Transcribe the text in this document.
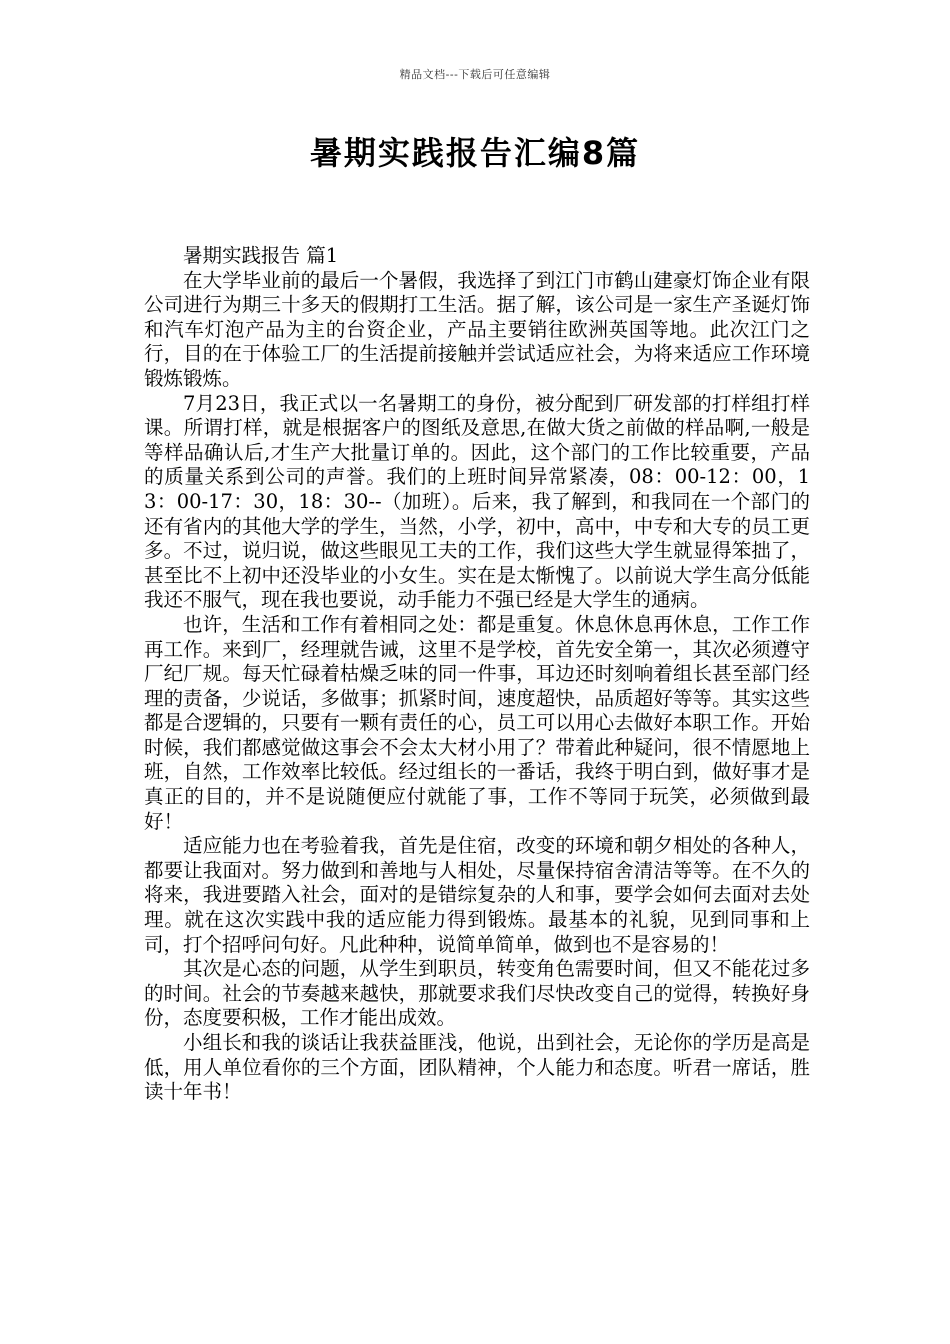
精品文档---下载后可任意编辑
暑期实践报告汇编8篇

暑期实践报告 篇1

在大学毕业前的最后一个暑假，我选择了到江门市鹤山建豪灯饰企业有限公司进行为期三十多天的假期打工生活。据了解，该公司是一家生产圣诞灯饰和汽车灯泡产品为主的台资企业，产品主要销往欧洲英国等地。此次江门之行，目的在于体验工厂的生活提前接触并尝试适应社会，为将来适应工作环境锻炼锻炼。

7月23日，我正式以一名暑期工的身份，被分配到厂研发部的打样组打样课。所谓打样，就是根据客户的图纸及意思,在做大货之前做的样品啊,一般是等样品确认后,才生产大批量订单的。因此，这个部门的工作比较重要，产品的质量关系到公司的声誉。我们的上班时间异常紧凑，08：00-12：00，13：00-17：30，18：30--（加班）。后来，我了解到，和我同在一个部门的还有省内的其他大学的学生，当然，小学，初中，高中，中专和大专的员工更多。不过，说归说，做这些眼见工夫的工作，我们这些大学生就显得笨拙了，甚至比不上初中还没毕业的小女生。实在是太惭愧了。以前说大学生高分低能我还不服气，现在我也要说，动手能力不强已经是大学生的通病。

也许，生活和工作有着相同之处：都是重复。休息休息再休息，工作工作再工作。来到厂，经理就告诫，这里不是学校，首先安全第一，其次必须遵守厂纪厂规。每天忙碌着枯燥乏味的同一件事，耳边还时刻响着组长甚至部门经理的责备，少说话，多做事；抓紧时间，速度超快，品质超好等等。其实这些都是合逻辑的，只要有一颗有责任的心，员工可以用心去做好本职工作。开始时候，我们都感觉做这事会不会太大材小用了？带着此种疑问，很不情愿地上班，自然，工作效率比较低。经过组长的一番话，我终于明白到，做好事才是真正的目的，并不是说随便应付就能了事，工作不等同于玩笑，必须做到最好！

适应能力也在考验着我，首先是住宿，改变的环境和朝夕相处的各种人，都要让我面对。努力做到和善地与人相处，尽量保持宿舍清洁等等。在不久的将来，我进要踏入社会，面对的是错综复杂的人和事，要学会如何去面对去处理。就在这次实践中我的适应能力得到锻炼。最基本的礼貌，见到同事和上司，打个招呼问句好。凡此种种，说简单简单，做到也不是容易的！

其次是心态的问题，从学生到职员，转变角色需要时间，但又不能花过多的时间。社会的节奏越来越快，那就要求我们尽快改变自己的觉得，转换好身份，态度要积极，工作才能出成效。

小组长和我的谈话让我获益匪浅，他说，出到社会，无论你的学历是高是低，用人单位看你的三个方面，团队精神，个人能力和态度。听君一席话，胜读十年书！
